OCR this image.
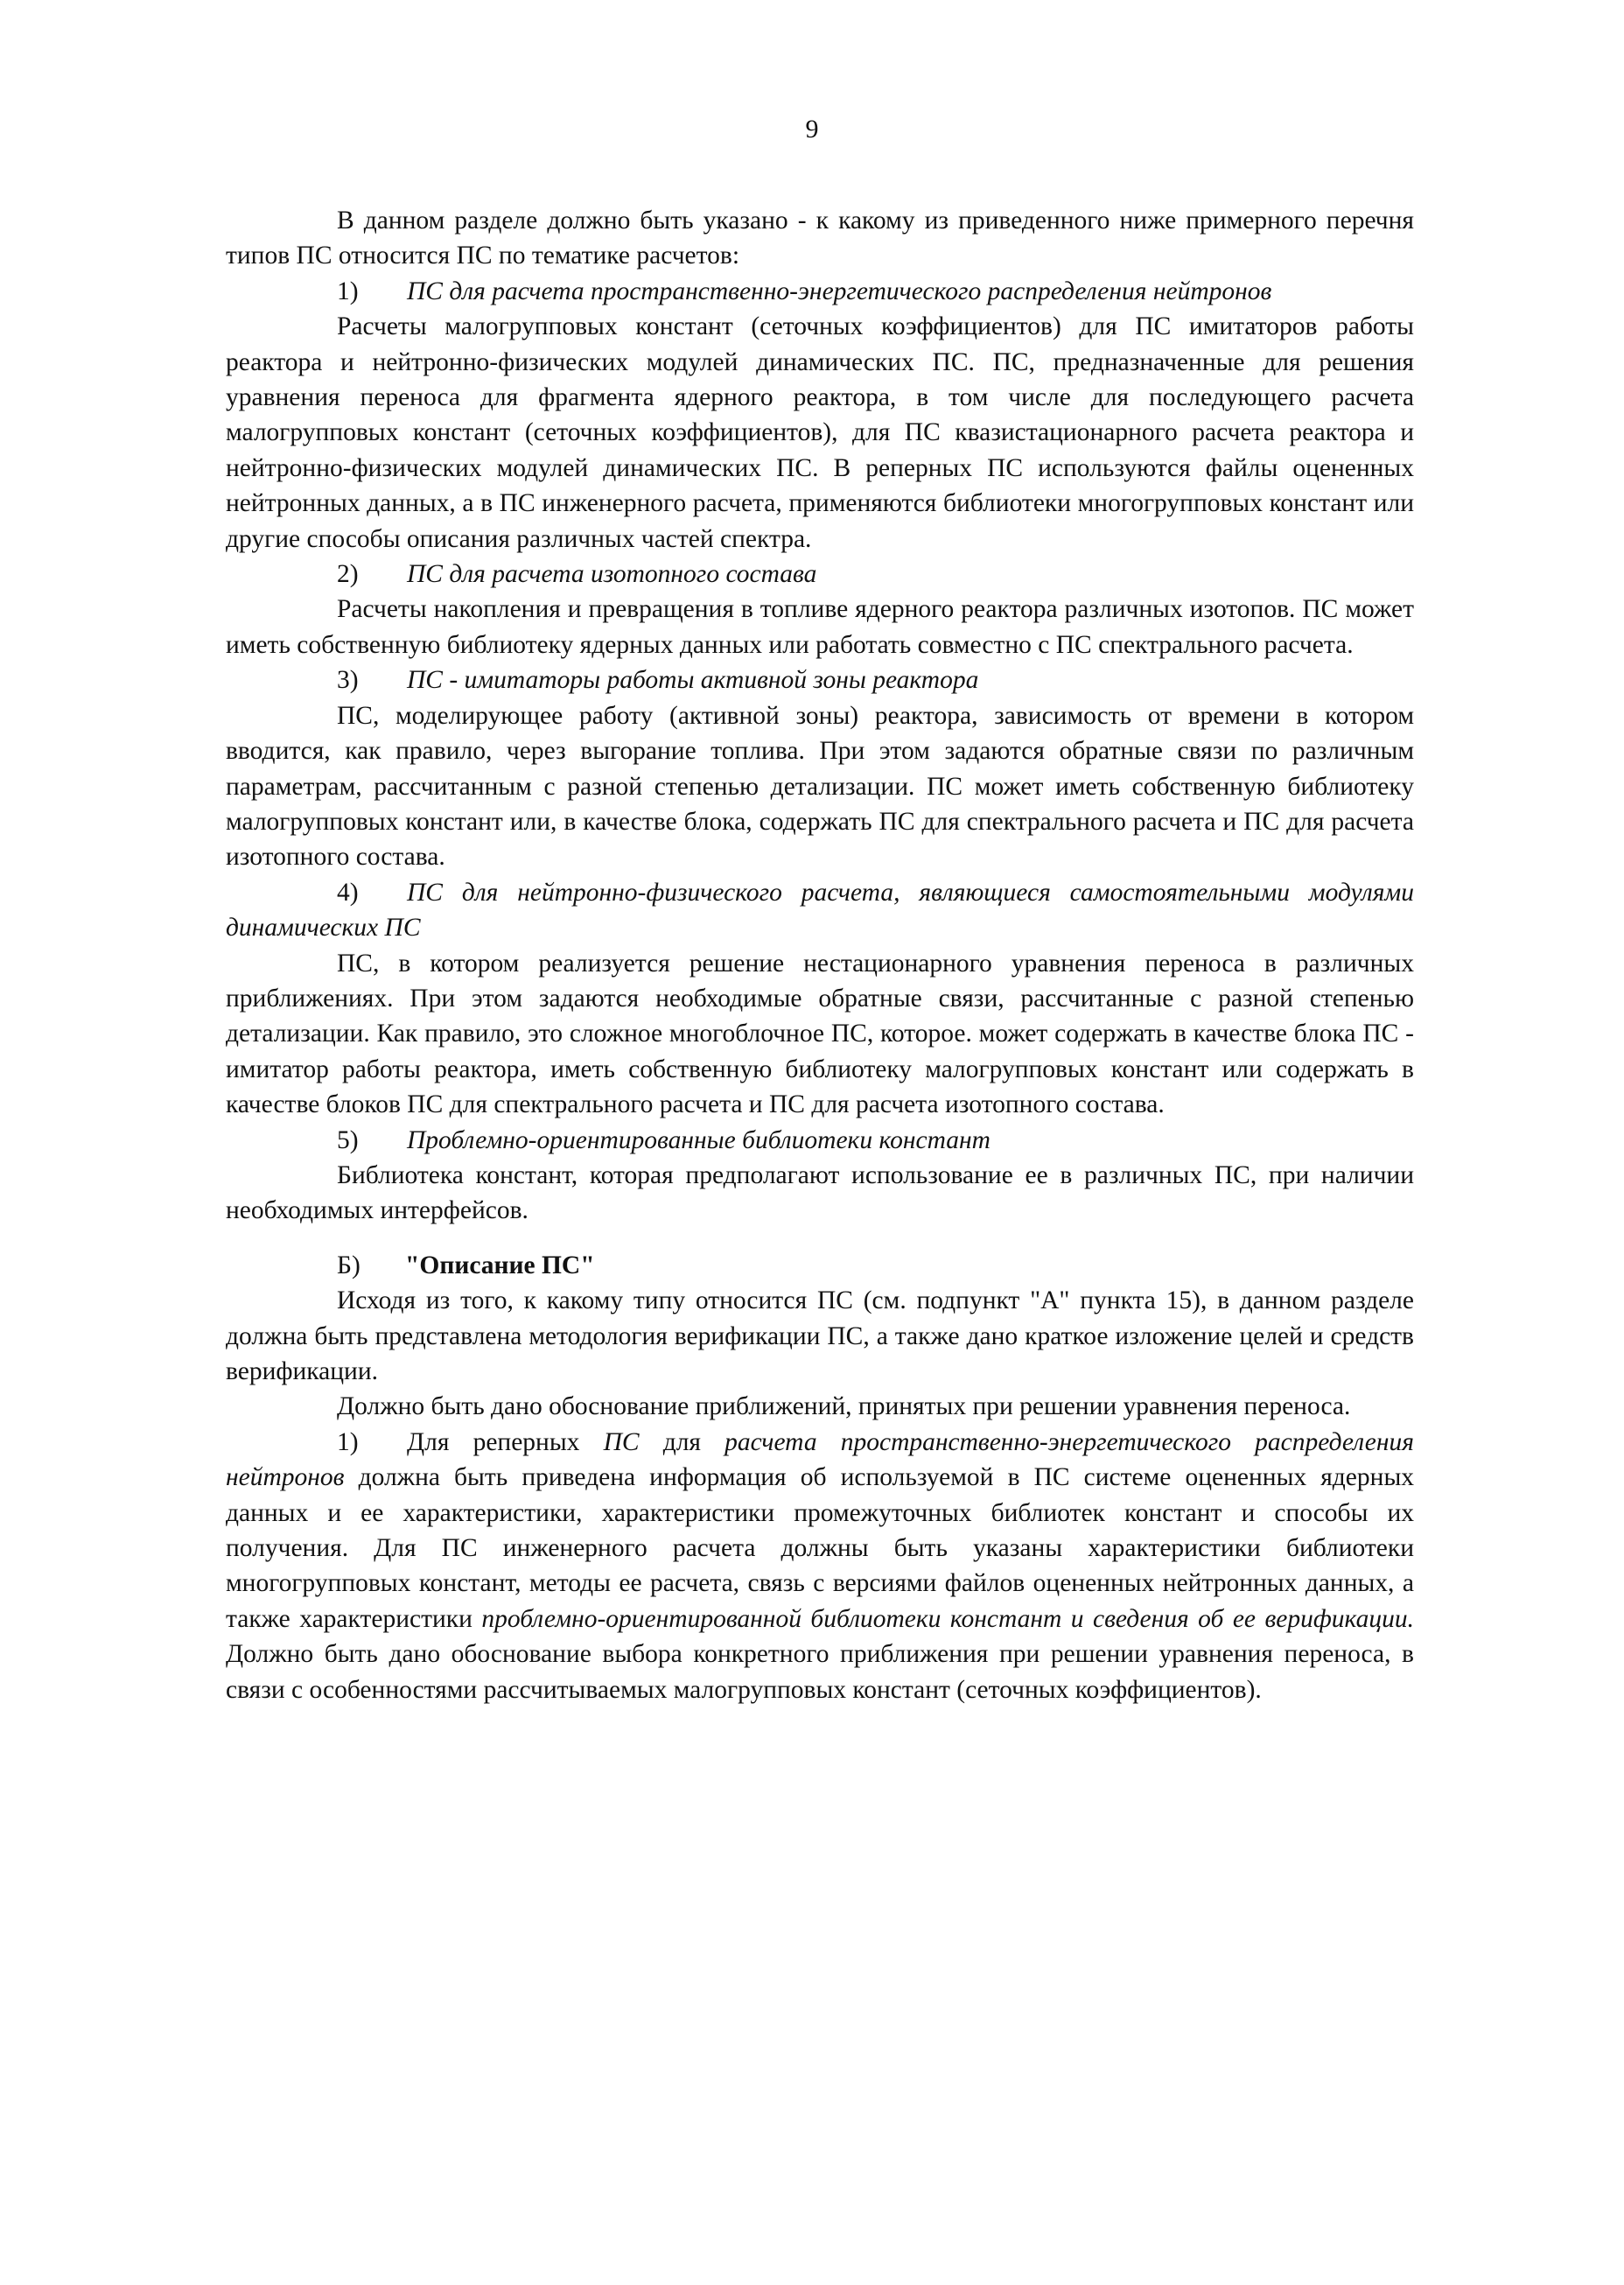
9

В данном разделе должно быть указано - к какому из приведенного ниже примерного перечня типов ПС относится ПС по тематике расчетов:

1) ПС для расчета пространственно-энергетического распределения нейтронов

Расчеты малогрупповых констант (сеточных коэффициентов) для ПС имитаторов работы реактора и нейтронно-физических модулей динамических ПС. ПС, предназначенные для решения уравнения переноса для фрагмента ядерного реактора, в том числе для последующего расчета малогрупповых констант (сеточных коэффициентов), для ПС квазистационарного расчета реактора и нейтронно-физических модулей динамических ПС. В реперных ПС используются файлы оцененных нейтронных данных, а в ПС инженерного расчета, применяются библиотеки многогрупповых констант или другие способы описания различных частей спектра.

2) ПС для расчета изотопного состава

Расчеты накопления и превращения в топливе ядерного реактора различных изотопов. ПС может иметь собственную библиотеку ядерных данных или работать совместно с ПС спектрального расчета.

3) ПС - имитаторы работы активной зоны реактора

ПС, моделирующее работу (активной зоны) реактора, зависимость от времени в котором вводится, как правило, через выгорание топлива. При этом задаются обратные связи по различным параметрам, рассчитанным с разной степенью детализации. ПС может иметь собственную библиотеку малогрупповых констант или, в качестве блока, содержать ПС для спектрального расчета и ПС для расчета изотопного состава.

4) ПС для нейтронно-физического расчета, являющиеся самостоятельными модулями динамических ПС

ПС, в котором реализуется решение нестационарного уравнения переноса в различных приближениях. При этом задаются необходимые обратные связи, рассчитанные с разной степенью детализации. Как правило, это сложное многоблочное ПС, которое. может содержать в качестве блока ПС - имитатор работы реактора, иметь собственную библиотеку малогрупповых констант или содержать в качестве блоков ПС для спектрального расчета и ПС для расчета изотопного состава.

5) Проблемно-ориентированные библиотеки констант

Библиотека констант, которая предполагают использование ее в различных ПС, при наличии необходимых интерфейсов.

Б) "Описание ПС"

Исходя из того, к какому типу относится ПС (см. подпункт "А" пункта 15), в данном разделе должна быть представлена методология верификации ПС, а также дано краткое изложение целей и средств верификации.

Должно быть дано обоснование приближений, принятых при решении уравнения переноса.

1) Для реперных ПС для расчета пространственно-энергетического распределения нейтронов должна быть приведена информация об используемой в ПС системе оцененных ядерных данных и ее характеристики, характеристики промежуточных библиотек констант и способы их получения. Для ПС инженерного расчета должны быть указаны характеристики библиотеки многогрупповых констант, методы ее расчета, связь с версиями файлов оцененных нейтронных данных, а также характеристики проблемно-ориентированной библиотеки констант и сведения об ее верификации. Должно быть дано обоснование выбора конкретного приближения при решении уравнения переноса, в связи с особенностями рассчитываемых малогрупповых констант (сеточных коэффициентов).
